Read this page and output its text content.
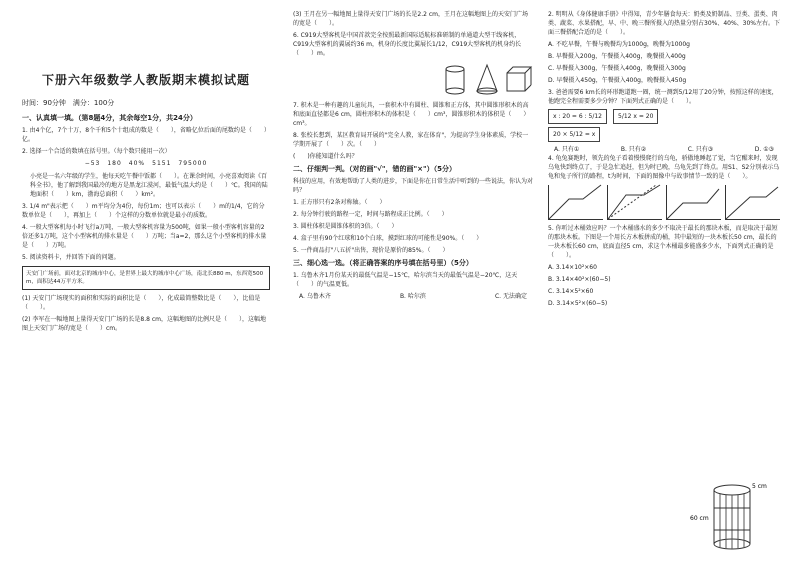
下册六年级数学人教版期末模拟试题
时间：90分钟　 满分：100分
一、认真填一填。（第8题4分，其余每空1分，共24分）

1. 由4个亿，7个十万，8个千和5个十组成的数是（　　），省略亿位后面的尾数约是（　　）亿。

2. 选择一个合适的数填在括号里。（每个数只能用一次）

−53　180　40%　5151　795000

小亮是一名六年级的学生，他每天吃午餐中饭都（　　）。在课余时间，小亮喜欢阅读《百科全书》，他了解到我国最冷的地方是黑龙江漠河，最低气温大约是（　　）℃。我国的陆地面积（　　）km，渤海总面积（　　）km²。

3. 1/4 m"表示把（　　）m平均分为4份，每份1m；也可以表示（　　）m的1/4，它的分数单位是（　　），再加上（　　）个这样的分数单位就是最小的质数。

4. 一般大型客机每小时飞行a万吨，一般大型客机容量为500吨，如果一般小型客机容量的2倍还多1万吨，这个小型客机的排水量是（　　）万吨；当a=2，那么这个小型客机的排水量是（　　）万吨。

5. 阅读资料卡，并回答下面的问题。

天安门广场前，面对北京的城市中心，是世界上最大的城市中心广场，南北长880 m，东西宽500 m，面积达44万平方米。

(1) 天安门广场现实的面积和实际的面积比是（　　），化成最简整数比是（　　），比值是（　　）。

(2) 李军在一幅地图上量得天安门广场的长是8.8 cm，这幅地图的比例尺是（　　），这幅地图上天安门广场的宽是（　　）cm。

(3) 王月在另一幅地图上量得天安门广场的长是2.2 cm，王月在这幅地图上的天安门广场的宽是（　　）。

6. C919大型客机是中国首款完全按照最新国际适航标准研制的单通道大型干线客机，C919大型客机的翼展约36 m，机身的长度比翼展长1/12，C919大型客机的机身约长（　　）m。

7. 积木是一种有趣的儿童玩具，一套积木中有圆柱、圆锥和正方体，其中圆锥形积木的高和底面直径都是6 cm，圆柱形积木的体积是（　　）cm³，圆锥形积木的体积是（　　）cm³。

8. 张校长想到，某区教育局开展的"完全人教，家在体育"，为提高学生身体素质，学校一学期开展了（　　）次。（　　）

(　　)你能知道什么吗？

二、仔细判一判。（对的画"√"，错的画"×"）（5分）

科技的应用，有效地帮助了人类的进步，下面是你在日常生活中听到的一些说法，你认为对吗？

1. 正方形只有2条对称轴。（　　）

2. 每分钟行驶的路程一定，时间与路程成正比例。（　　）

3. 圆柱体积是圆锥体积的3倍。（　　）

4. 盒子里有90个红球和10个白球，摸到红球的可能性是90%。（　　）

5. 一件商品打"八五折"出售，现价是原价的85%。（　　）

三、细心选一选。（将正确答案的序号填在括号里）（5分）

1. 乌鲁木齐1月份某天的最低气温是−15℃，哈尔滨当天的最低气温是−20℃，这天（　　）的气温更低。

A. 乌鲁木齐	B. 哈尔滨	C. 无法确定

2. 明明从《身体健康手册》中得知，青少年膳食每天：奶类及奶制品、豆类、蛋类、肉类、蔬菜、水果搭配，早、中、晚三餐所摄入的热量分别占30%、40%、30%左右。下面三餐搭配合适的是（　　）。

A. 不吃早餐，午餐与晚餐均为1000g，晚餐为1000g

B. 早餐摄入200g，午餐摄入400g，晚餐摄入400g

C. 早餐摄入300g，午餐摄入400g，晚餐摄入300g

D. 早餐摄入450g，午餐摄入400g，晚餐摄入450g

3. 爸爸需要6 km长的环形跑道跑一圈，统一测到5/12用了20分钟，按照这样的速度，他跑完全程需要多少分钟？下面列式正确的是（　　）。

x : 20 = 6 : 5/12	5/12 x = 20
20 × 5/12 = x
A. 只有①	B. 只有②	C. 只有③	D. ①③

4. 龟兔赛跑时，领先的兔子看着慢慢爬行的乌龟，骄傲地睡起了觉，当它醒来时，发现乌龟快到终点了，于是急忙追赶，但为时已晚，乌龟先到了终点。用S1、S2分别表示乌龟和兔子所行的路程，t为时间，下面的图像中与故事情节一致的是（　　）。

5. 你听过木桶效应吗？一个木桶盛水的多少不取决于最长的那块木板，而是取决于最短的那块木板。下图是一个用长方木板拼成的桶，其中最短的一块木板长50 cm，最长的一块木板长60 cm，底面直径5 cm，求这个木桶最多能盛多少水，下面列式正确的是（　　）。

A. 3.14×10²×60

B. 3.14×40²×(60−5)

C. 3.14×5²×60

D. 3.14×5²×(60−5)

60 cm
5 cm
